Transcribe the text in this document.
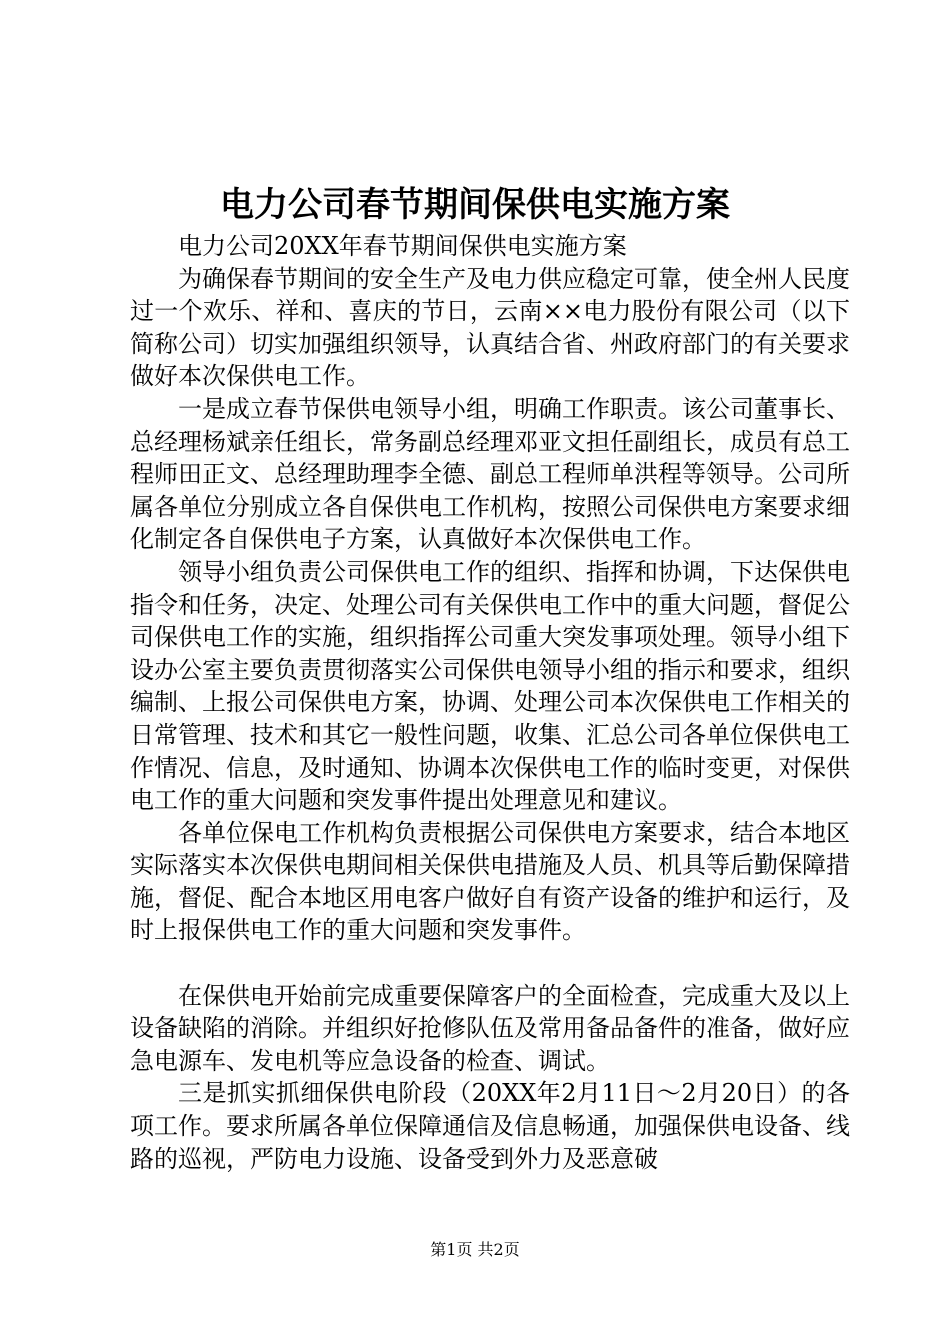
电力公司春节期间保供电实施方案

电力公司20XX年春节期间保供电实施方案

为确保春节期间的安全生产及电力供应稳定可靠，使全州人民度过一个欢乐、祥和、喜庆的节日，云南××电力股份有限公司（以下简称公司）切实加强组织领导，认真结合省、州政府部门的有关要求做好本次保供电工作。

一是成立春节保供电领导小组，明确工作职责。该公司董事长、总经理杨斌亲任组长，常务副总经理邓亚文担任副组长，成员有总工程师田正文、总经理助理李全德、副总工程师单洪程等领导。公司所属各单位分别成立各自保供电工作机构，按照公司保供电方案要求细化制定各自保供电子方案，认真做好本次保供电工作。

领导小组负责公司保供电工作的组织、指挥和协调，下达保供电指令和任务，决定、处理公司有关保供电工作中的重大问题，督促公司保供电工作的实施，组织指挥公司重大突发事项处理。领导小组下设办公室主要负责贯彻落实公司保供电领导小组的指示和要求，组织编制、上报公司保供电方案，协调、处理公司本次保供电工作相关的日常管理、技术和其它一般性问题，收集、汇总公司各单位保供电工作情况、信息，及时通知、协调本次保供电工作的临时变更，对保供电工作的重大问题和突发事件提出处理意见和建议。

各单位保电工作机构负责根据公司保供电方案要求，结合本地区实际落实本次保供电期间相关保供电措施及人员、机具等后勤保障措施，督促、配合本地区用电客户做好自有资产设备的维护和运行，及时上报保供电工作的重大问题和突发事件。

在保供电开始前完成重要保障客户的全面检查，完成重大及以上设备缺陷的消除。并组织好抢修队伍及常用备品备件的准备，做好应急电源车、发电机等应急设备的检查、调试。

三是抓实抓细保供电阶段（20XX年2月11日～2月20日）的各项工作。要求所属各单位保障通信及信息畅通，加强保供电设备、线路的巡视，严防电力设施、设备受到外力及恶意破

第1页 共2页
